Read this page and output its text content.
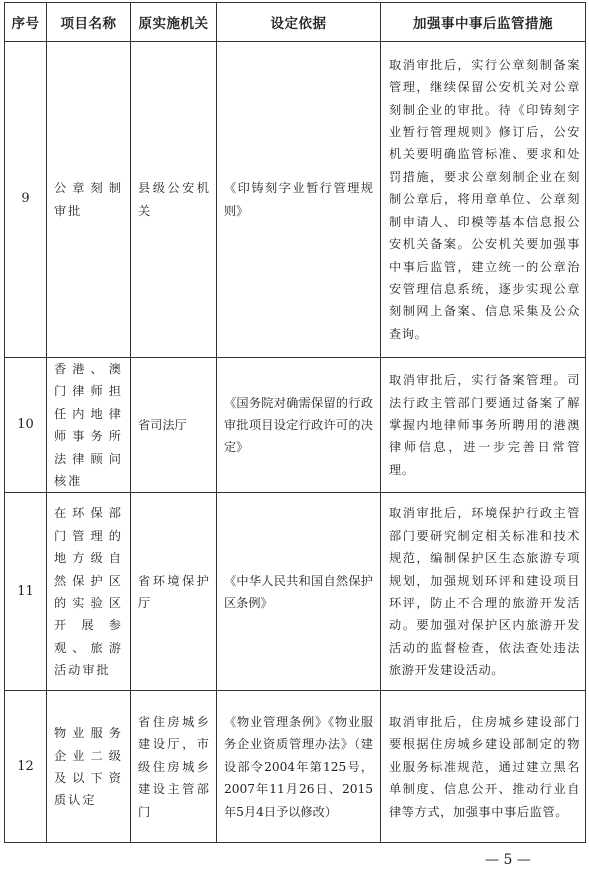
序号	项目名称	原实施机关	设定依据	加强事中事后监管措施
9	公章刻制审批	县级公安机关	《印铸刻字业暂行管理规则》	取消审批后，实行公章刻制备案管理，继续保留公安机关对公章刻制企业的审批。待《印铸刻字业暂行管理规则》修订后，公安机关要明确监管标准、要求和处罚措施，要求公章刻制企业在刻制公章后，将用章单位、公章刻制申请人、印模等基本信息报公安机关备案。公安机关要加强事中事后监管，建立统一的公章治安管理信息系统，逐步实现公章刻制网上备案、信息采集及公众查询。

10	香港、澳门律师担任内地律师事务所法律顾问核准	省司法厅	《国务院对确需保留的行政审批项目设定行政许可的决定》	取消审批后，实行备案管理。司法行政主管部门要通过备案了解掌握内地律师事务所聘用的港澳律师信息，进一步完善日常管理。

11	在环保部门管理的地方级自然保护区的实验区开展参观、旅游活动审批	省环境保护厅	《中华人民共和国自然保护区条例》	取消审批后，环境保护行政主管部门要研究制定相关标准和技术规范，编制保护区生态旅游专项规划，加强规划环评和建设项目环评，防止不合理的旅游开发活动。要加强对保护区内旅游开发活动的监督检查，依法查处违法旅游开发建设活动。

12	物业服务企业二级及以下资质认定	省住房城乡建设厅，市级住房城乡建设主管部门	《物业管理条例》《物业服务企业资质管理办法》（建设部令2004年第125号，2007年11月26日、2015年5月4日予以修改）	取消审批后，住房城乡建设部门要根据住房城乡建设部制定的物业服务标准规范，通过建立黑名单制度、信息公开、推动行业自律等方式，加强事中事后监管。
— 5 —
